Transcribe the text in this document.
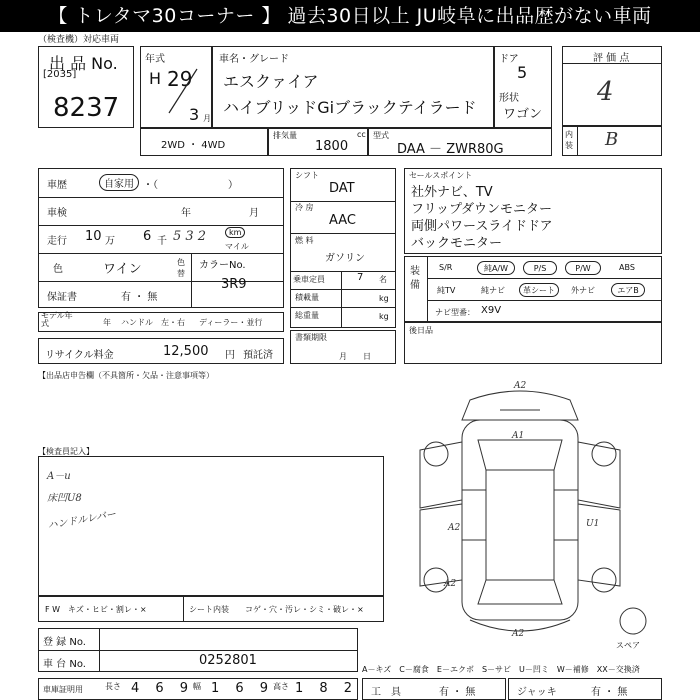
【 トレタマ30コーナー 】 過去30日以上 JU岐阜に出品歴がない車両
（検査機）対応車両
出 品 No.
[2035]
8237
年式
H 29
3 月
車名・グレード
エスクァイア
ハイブリッドGiブラックテイラード
ドア
5
形状
ワゴン
評 価 点
4
内装 B
2WD ・ 4WD
排気量	cc
1800
型式
DAA － ZWR80G
車歴	自家用 ・（　　　　　　　）
車検	年	月
走行 10 万 6 千 5 3 2	km
マイル
色	ワイン	色替
保証書	有 ・ 無
カラーNo.
3R9
モデル年式	年 ハンドル　左・右 ディーラー・並行
リサイクル料金	12,500 円 預託済
シフト
DAT
冷 房
AAC
燃 料
ガソリン
乗車定員	7 名
積載量	kg
総重量	kg
書類期限
月　　日
セールスポイント
社外ナビ、TV
フリップダウンモニター
両側パワースライドドア
バックモニター
装備
S/R	純A/W	P/S	P/W	ABS
純TV	純ナビ	革シート	外ナビ	エアB
ナビ型番： X9V
後日品
【出品店申告欄（不具箇所・欠品・注意事項等）
【検査員記入】
A－u
床凹U8
ハンドルレバー
F W　キズ・ヒビ・割レ・×	シート内装　　コゲ・穴・汚レ・シミ・破レ・×
登 録 No.
車 台 No.	0252801
車庫証明用	長さ 4 6 9
幅 1 6 9
高さ 1 8 2
A－キズ　C－腐食　E－エクボ　S－サビ　U－凹ミ　W－補修　XX－交換済
工　具	有 ・ 無	ジャッキ	有 ・ 無
A2
A1
A2	U1
A2
A2
スペア
